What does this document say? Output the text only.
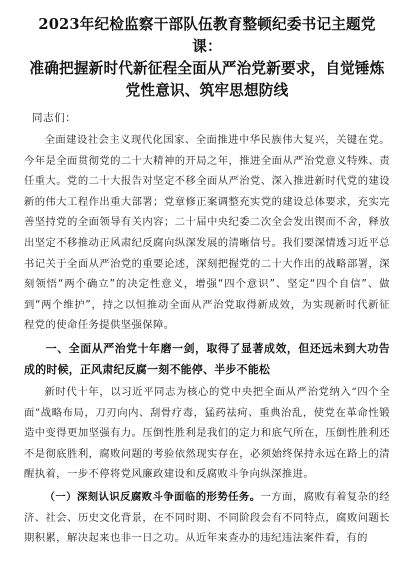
2023年纪检监察干部队伍教育整顿纪委书记主题党课：
准确把握新时代新征程全面从严治党新要求，自觉锤炼
党性意识、筑牢思想防线

同志们：

全面建设社会主义现代化国家、全面推进中华民族伟大复兴，关键在党。今年是全面贯彻党的二十大精神的开局之年，推进全面从严治党意义特殊、责任重大。党的二十大报告对坚定不移全面从严治党、深入推进新时代党的建设新的伟大工程作出重大部署；党章修正案调整充实党的建设总体要求，充实完善坚持党的全面领导有关内容；二十届中央纪委二次全会发出锲而不舍，释放出坚定不移推动正风肃纪反腐向纵深发展的清晰信号。我们要深情透习近平总书记关于全面从严治党的重要论述，深刻把握党的二十大作出的战略部署，深刻领悟“两个确立”的决定性意义，增强“四个意识”、坚定“四个自信”、做到“两个维护”，持之以恒推动全面从严治党取得新成效，为实现新时代新征程党的使命任务提供坚强保障。

一、全面从严治党十年磨一剑，取得了显著成效，但还远未到大功告成的时候，正风肃纪反腐一刻不能停、半步不能松

新时代十年，以习近平同志为核心的党中央把全面从严治党纳入“四个全面”战略布局，刀刃向内、刮骨疗毒，猛药祛疴、重典治乱，使党在革命性锻造中变得更加坚强有力。压倒性胜利是我们的定力和底气所在，压倒性胜利还不是彻底胜利，腐败问题的考验依然现实存在，必须始终保持永远在路上的清醒执着，一步不停将党风廉政建设和反腐败斗争向纵深推进。

（一）深刻认识反腐败斗争面临的形势任务。一方面，腐败有着复杂的经济、社会、历史文化背景，在不同时期、不同阶段会有不同特点，腐败问题长期积累，解决起来也非一日之功。从近年来查办的违纪违法案件看，有的
